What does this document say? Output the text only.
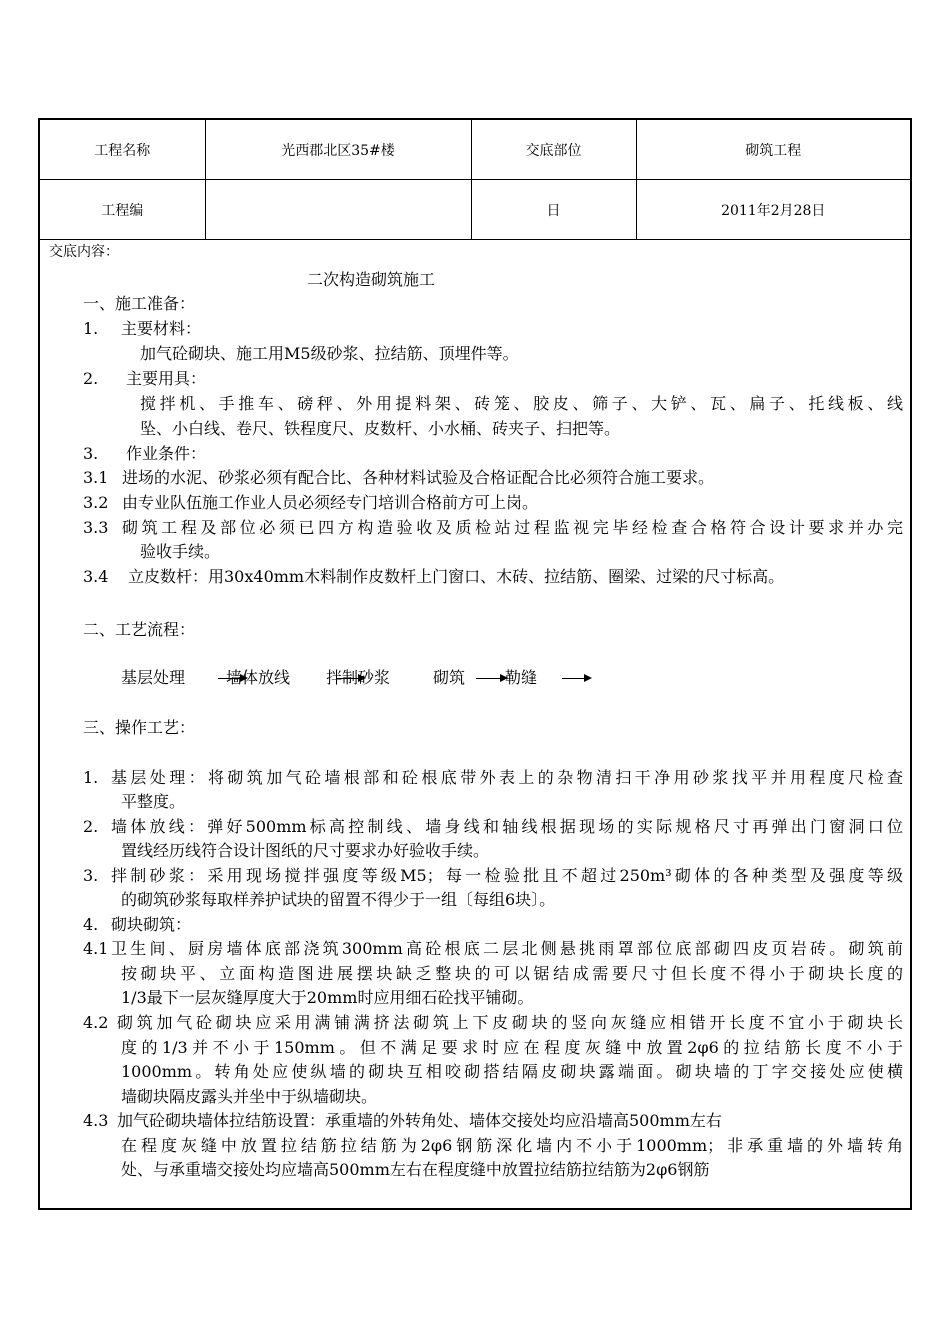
工程名称	光西郡北区35#楼	交底部位	砌筑工程
工程编		日	2011年2月28日
交底内容：
二次构造砌筑施工
一、施工准备：
1. 主要材料：
加气砼砌块、施工用M5级砂浆、拉结筋、顶埋件等。
2. 主要用具：
搅拌机、手推车、磅秤、外用提料架、砖笼、胶皮、筛子、大铲、瓦、扁子、托线板、线
坠、小白线、卷尺、铁程度尺、皮数杆、小水桶、砖夹子、扫把等。
3. 作业条件：
3.1 进场的水泥、砂浆必须有配合比、各种材料试验及合格证配合比必须符合施工要求。
3.2 由专业队伍施工作业人员必须经专门培训合格前方可上岗。
3.3 砌筑工程及部位必须已四方构造验收及质检站过程监视完毕经检查合格符合设计要求并办完
验收手续。
3.4 立皮数杆：用30x40mm木料制作皮数杆上门窗口、木砖、拉结筋、圈梁、过梁的尺寸标高。
二、工艺流程：
基层处理	墙体放线 拌制砂浆	砌筑 勒缝
三、操作工艺：
1. 基层处理：将砌筑加气砼墙根部和砼根底带外表上的杂物清扫干净用砂浆找平并用程度尺检查
平整度。
2. 墙体放线：弹好500mm标高控制线、墙身线和轴线根据现场的实际规格尺寸再弹出门窗洞口位
置线经历线符合设计图纸的尺寸要求办好验收手续。
3. 拌制砂浆：采用现场搅拌强度等级M5；每一检验批且不超过250m³砌体的各种类型及强度等级
的砌筑砂浆每取样养护试块的留置不得少于一组〔每组6块〕。
4. 砌块砌筑：
4.1 卫生间、厨房墙体底部浇筑300mm高砼根底二层北侧悬挑雨罩部位底部砌四皮页岩砖。砌筑前
按砌块平、立面构造图进展摆块缺乏整块的可以锯结成需要尺寸但长度不得小于砌块长度的
1/3最下一层灰缝厚度大于20mm时应用细石砼找平铺砌。
4.2 砌筑加气砼砌块应采用满铺满挤法砌筑上下皮砌块的竖向灰缝应相错开长度不宜小于砌块长
度的1/3并不小于150mm。但不满足要求时应在程度灰缝中放置2φ6的拉结筋长度不小于
1000mm。转角处应使纵墙的砌块互相咬砌搭结隔皮砌块露端面。砌块墙的丁字交接处应使横
墙砌块隔皮露头并坐中于纵墙砌块。
4.3 加气砼砌块墙体拉结筋设置：承重墙的外转角处、墙体交接处均应沿墙高500mm左右
在程度灰缝中放置拉结筋拉结筋为2φ6钢筋深化墙内不小于1000mm；非承重墙的外墙转角
处、与承重墙交接处均应墙高500mm左右在程度缝中放置拉结筋拉结筋为2φ6钢筋
